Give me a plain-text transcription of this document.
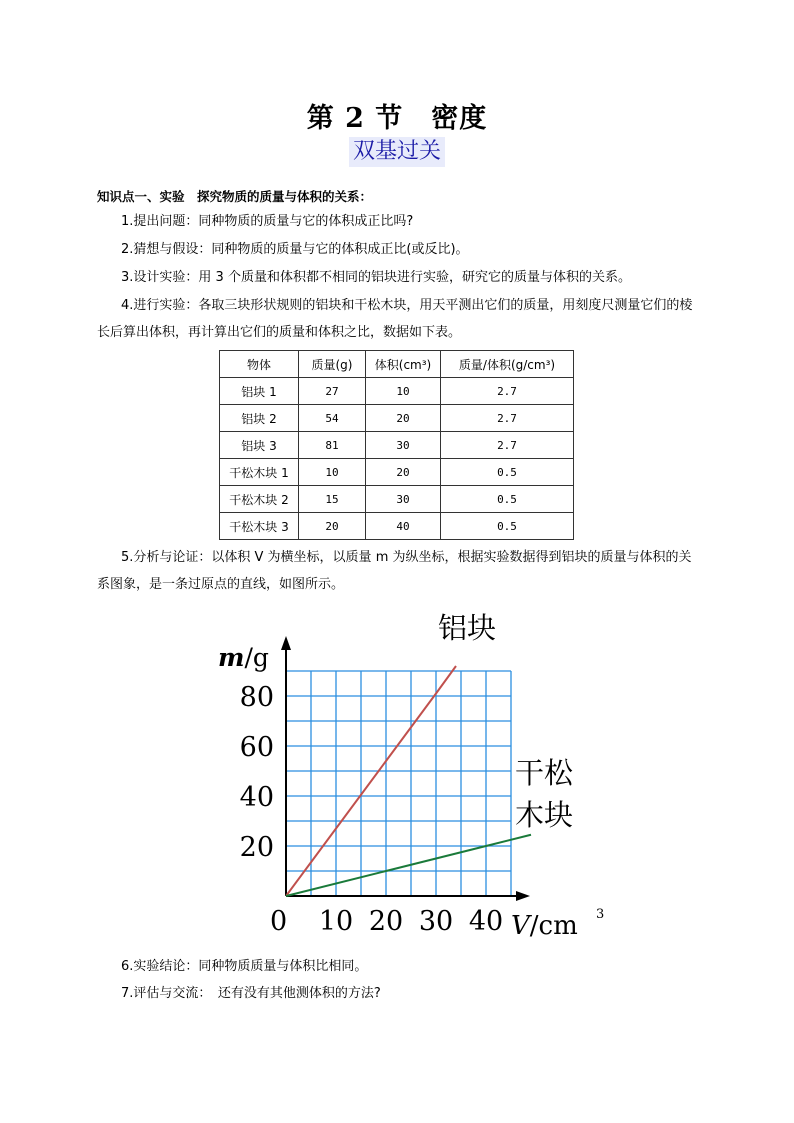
第 2 节　密度
双基过关
知识点一、实验　探究物质的质量与体积的关系：
1.提出问题：同种物质的质量与它的体积成正比吗?
2.猜想与假设：同种物质的质量与它的体积成正比(或反比)。
3.设计实验：用 3 个质量和体积都不相同的铝块进行实验，研究它的质量与体积的关系。
4.进行实验：各取三块形状规则的铝块和干松木块，用天平测出它们的质量，用刻度尺测量它们的棱长后算出体积，再计算出它们的质量和体积之比，数据如下表。
物体	质量(g)	体积(cm³)	质量/体积(g/cm³)
铝块 1	27	10	2.7
铝块 2	54	20	2.7
铝块 3	81	30	2.7
干松木块 1	10	20	0.5
干松木块 2	15	30	0.5
干松木块 3	20	40	0.5
5.分析与论证：以体积 V 为横坐标，以质量 m 为纵坐标，根据实验数据得到铝块的质量与体积的关系图象，是一条过原点的直线，如图所示。
10 20 30 40
20
40
60
80
m/g
0	V/cm 3
铝块
干松
木块
6.实验结论：同种物质质量与体积比相同。
7.评估与交流：　还有没有其他测体积的方法?
